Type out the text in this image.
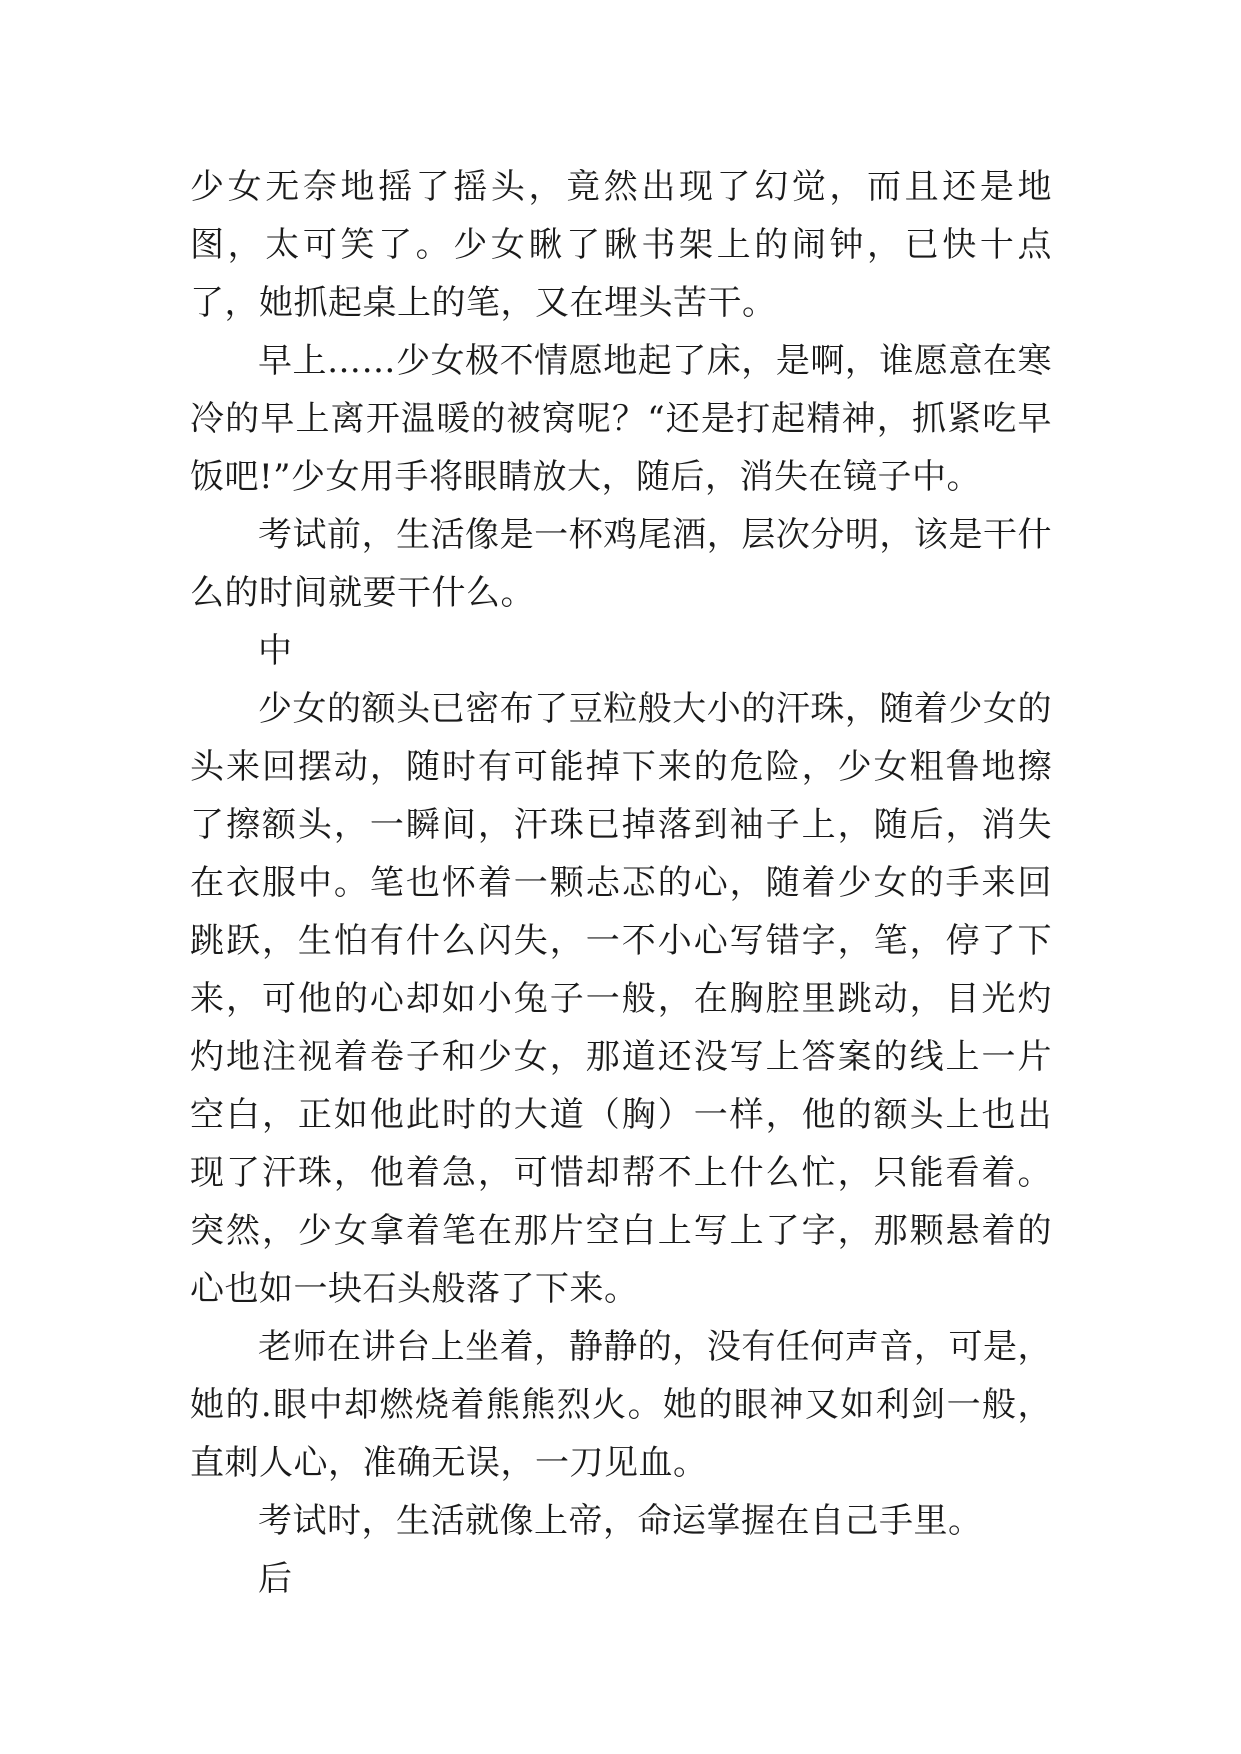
少女无奈地摇了摇头，竟然出现了幻觉，而且还是地图，太可笑了。少女瞅了瞅书架上的闹钟，已快十点了，她抓起桌上的笔，又在埋头苦干。

早上……少女极不情愿地起了床，是啊，谁愿意在寒冷的早上离开温暖的被窝呢？“还是打起精神，抓紧吃早饭吧!”少女用手将眼睛放大，随后，消失在镜子中。

考试前，生活像是一杯鸡尾酒，层次分明，该是干什么的时间就要干什么。

中

少女的额头已密布了豆粒般大小的汗珠，随着少女的头来回摆动，随时有可能掉下来的危险，少女粗鲁地擦了擦额头，一瞬间，汗珠已掉落到袖子上，随后，消失在衣服中。笔也怀着一颗忐忑的心，随着少女的手来回跳跃，生怕有什么闪失，一不小心写错字，笔，停了下来，可他的心却如小兔子一般，在胸腔里跳动，目光灼灼地注视着卷子和少女，那道还没写上答案的线上一片空白，正如他此时的大道（胸）一样，他的额头上也出现了汗珠，他着急，可惜却帮不上什么忙，只能看着。突然，少女拿着笔在那片空白上写上了字，那颗悬着的心也如一块石头般落了下来。

老师在讲台上坐着，静静的，没有任何声音，可是，她的.眼中却燃烧着熊熊烈火。她的眼神又如利剑一般，直刺人心，准确无误，一刀见血。

考试时，生活就像上帝，命运掌握在自己手里。

后
